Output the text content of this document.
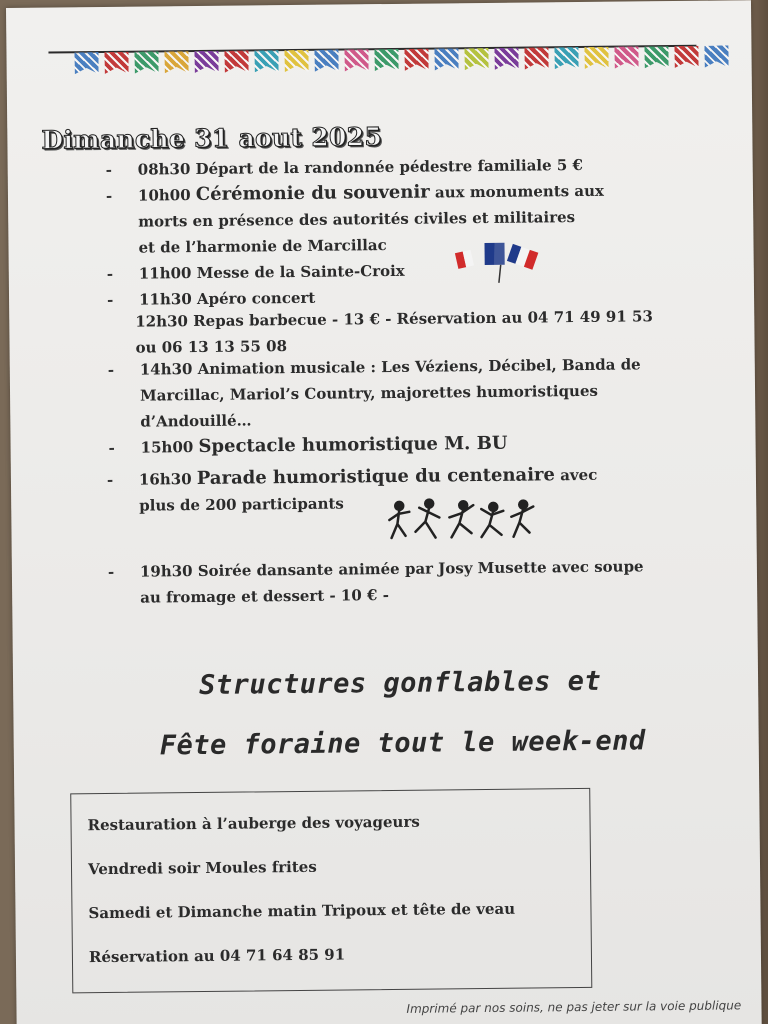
Dimanche 31 aout 2025
- 08h30 Départ de la randonnée pédestre familiale 5 €
- 10h00 Cérémonie du souvenir aux monuments aux
morts en présence des autorités civiles et militaires
et de l’harmonie de Marcillac
- 11h00 Messe de la Sainte-Croix
- 11h30 Apéro concert
12h30 Repas barbecue - 13 € - Réservation au 04 71 49 91 53
ou 06 13 13 55 08
- 14h30 Animation musicale : Les Véziens, Décibel, Banda de
Marcillac, Mariol’s Country, majorettes humoristiques
d’Andouillé…
- 15h00 Spectacle humoristique M. BU
- 16h30 Parade humoristique du centenaire avec
plus de 200 participants
- 19h30 Soirée dansante animée par Josy Musette avec soupe
au fromage et dessert - 10 € -
Structures gonflables et
Fête foraine tout le week-end
Restauration à l’auberge des voyageurs
Vendredi soir Moules frites
Samedi et Dimanche matin Tripoux et tête de veau
Réservation au 04 71 64 85 91
Imprimé par nos soins, ne pas jeter sur la voie publique
